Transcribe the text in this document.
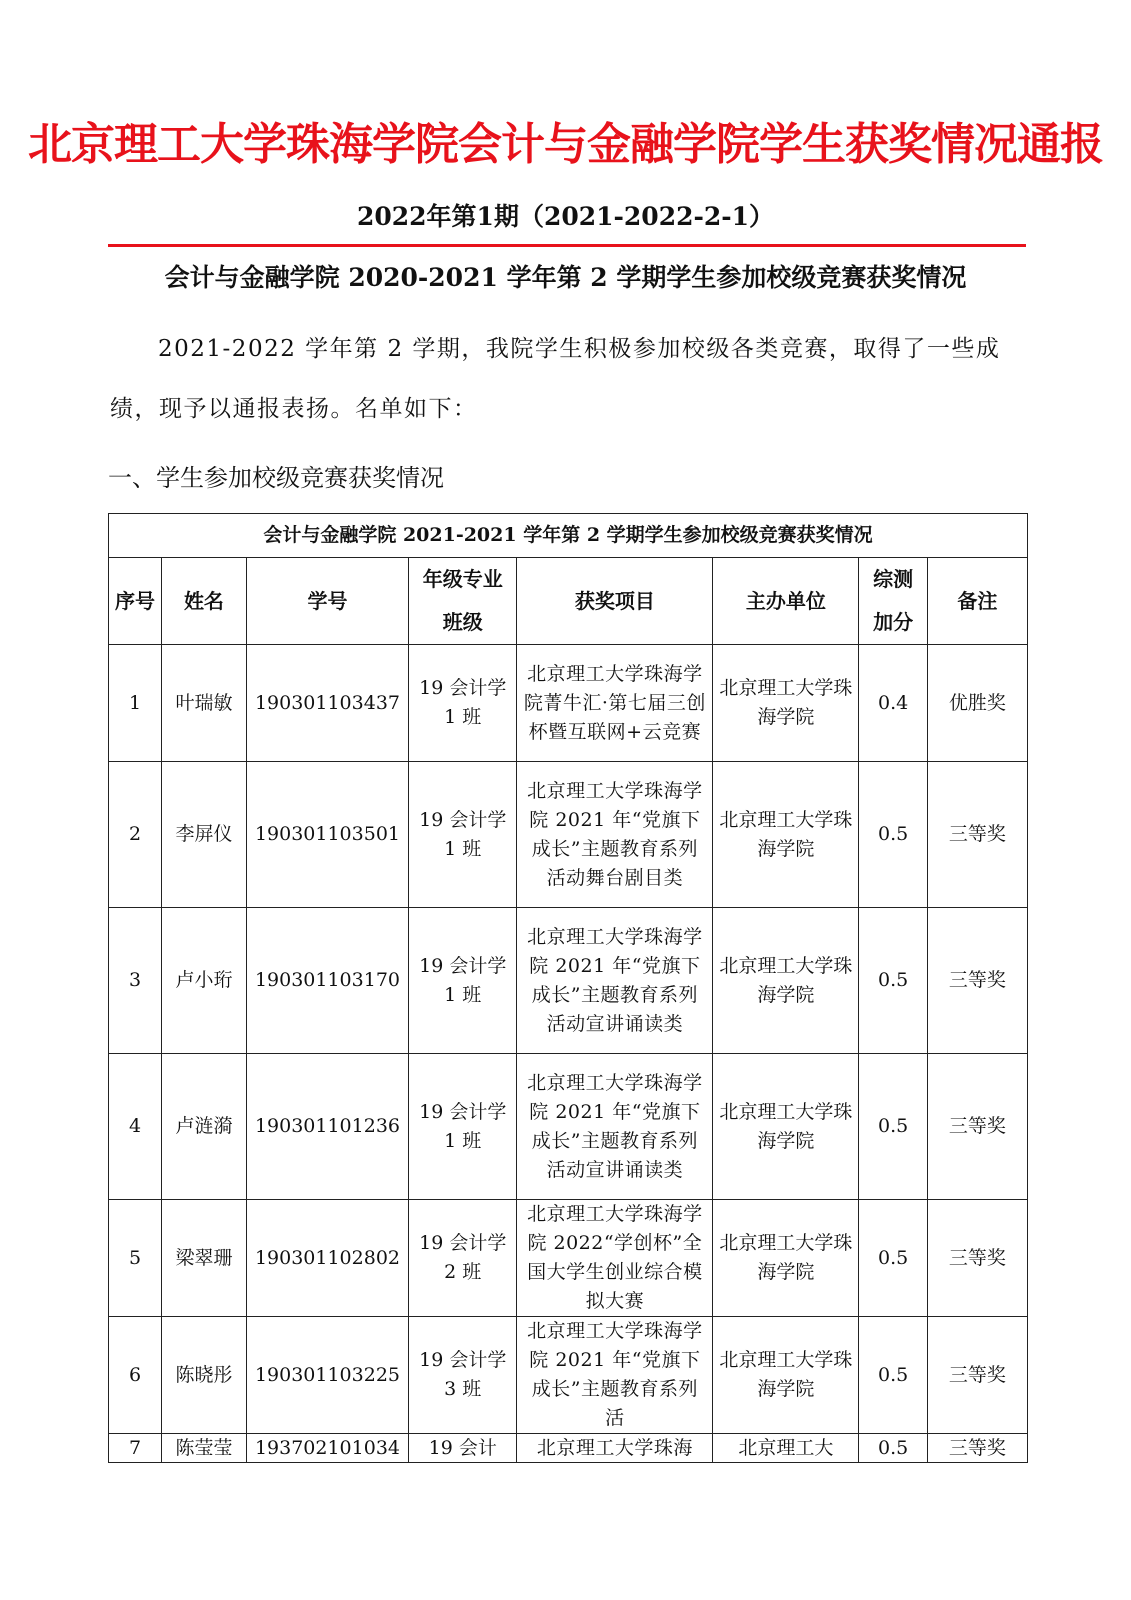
北京理工大学珠海学院会计与金融学院学生获奖情况通报
2022年第1期（2021-2022-2-1）
会计与金融学院 2020-2021 学年第 2 学期学生参加校级竞赛获奖情况

2021-2022 学年第 2 学期，我院学生积极参加校级各类竞赛，取得了一些成绩，现予以通报表扬。名单如下：

一、学生参加校级竞赛获奖情况
会计与金融学院 2021-2021 学年第 2 学期学生参加校级竞赛获奖情况							
序号	姓名	学号	年级专业班级	获奖项目	主办单位	综测加分	备注
1	叶瑞敏	190301103437	19 会计学 1 班	北京理工大学珠海学院菁牛汇·第七届三创杯暨互联网+云竞赛	北京理工大学珠海学院	0.4	优胜奖
2	李屏仪	190301103501	19 会计学 1 班	北京理工大学珠海学院 2021 年“党旗下成长”主题教育系列活动舞台剧目类	北京理工大学珠海学院	0.5	三等奖
3	卢小珩	190301103170	19 会计学 1 班	北京理工大学珠海学院 2021 年“党旗下成长”主题教育系列活动宣讲诵读类	北京理工大学珠海学院	0.5	三等奖
4	卢涟漪	190301101236	19 会计学 1 班	北京理工大学珠海学院 2021 年“党旗下成长”主题教育系列活动宣讲诵读类	北京理工大学珠海学院	0.5	三等奖
5	梁翠珊	190301102802	19 会计学 2 班	北京理工大学珠海学院 2022“学创杯”全国大学生创业综合模拟大赛	北京理工大学珠海学院	0.5	三等奖
6	陈晓彤	190301103225	19 会计学 3 班	北京理工大学珠海学院 2021 年“党旗下成长”主题教育系列活	北京理工大学珠海学院	0.5	三等奖

7	陈莹莹	193702101034	19 会计	北京理工大学珠海	北京理工大	0.5	三等奖
